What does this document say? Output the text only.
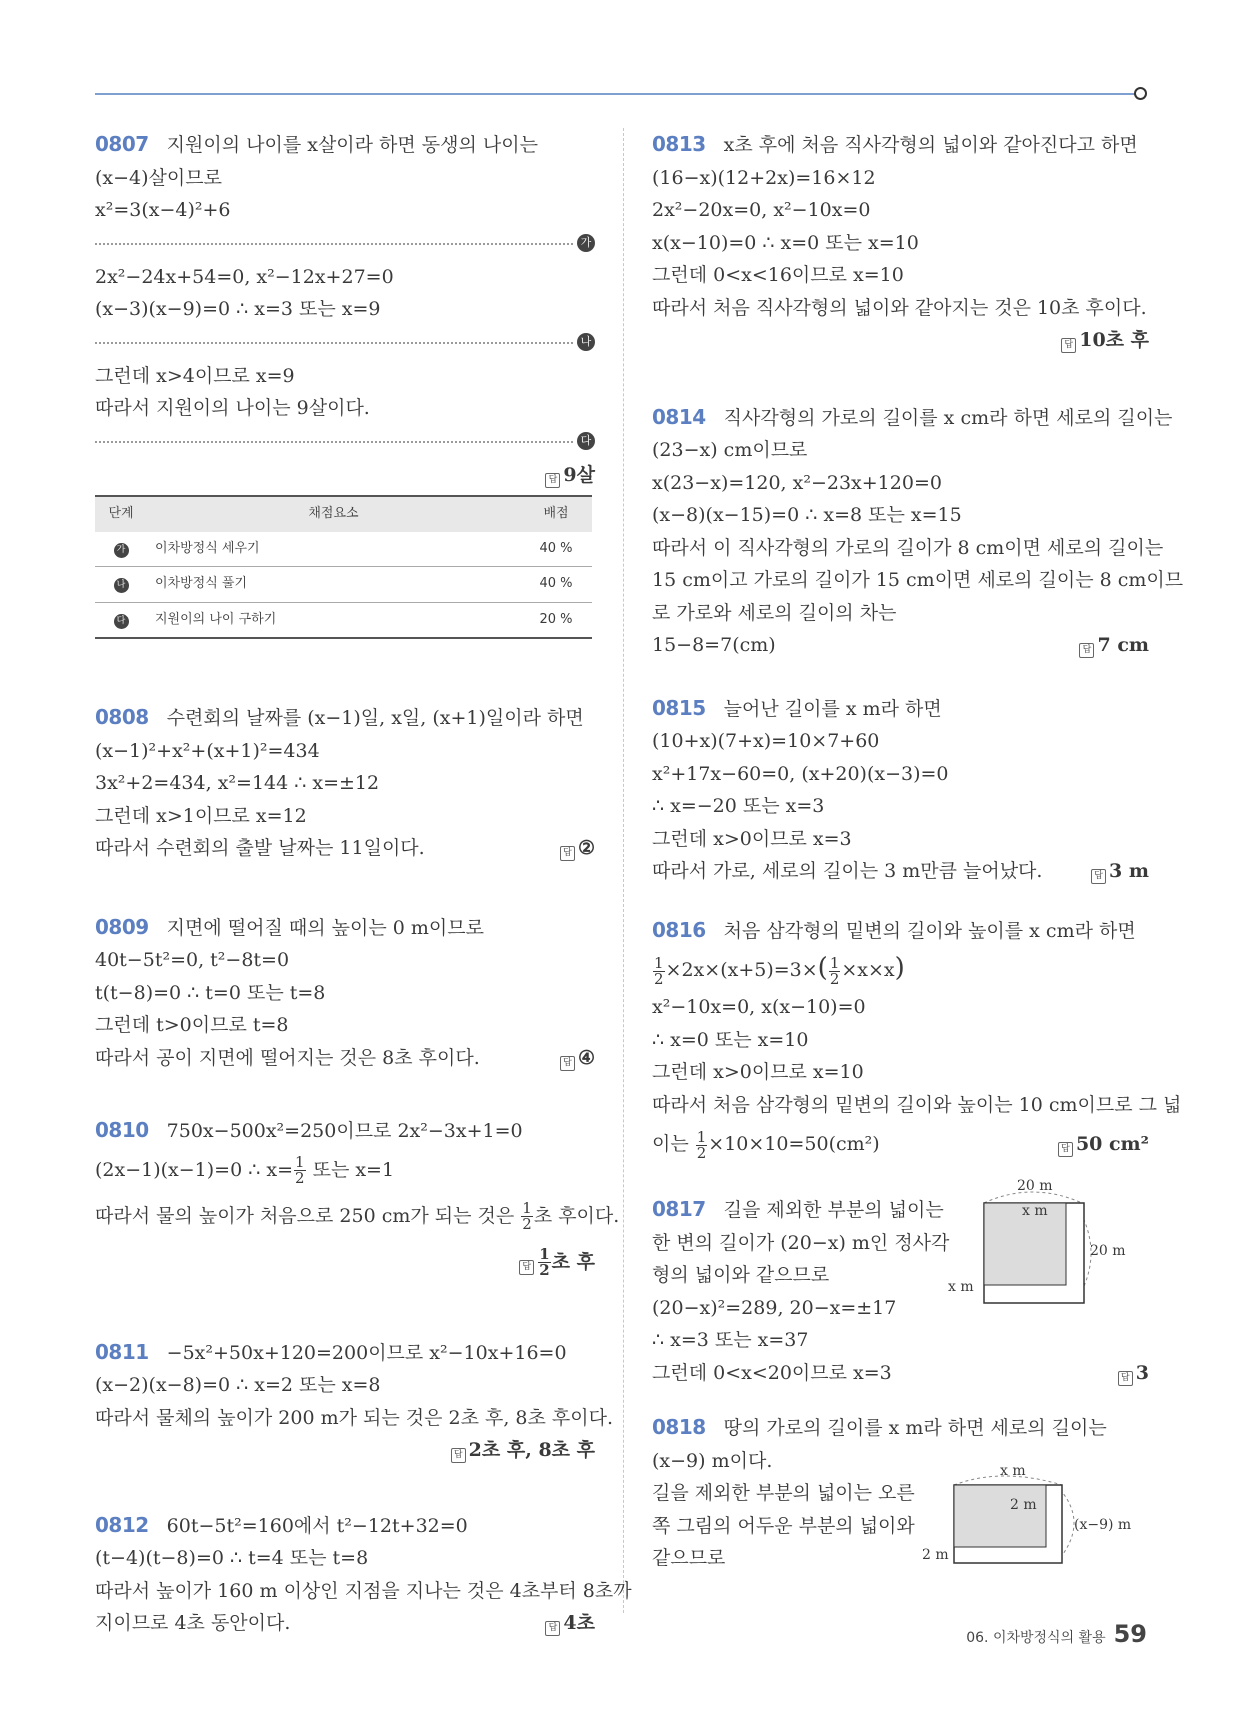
0807 지원이의 나이를 x살이라 하면 동생의 나이는
(x−4)살이므로
x²=3(x−4)²+6
가
2x²−24x+54=0, x²−12x+27=0
(x−3)(x−9)=0 ∴ x=3 또는 x=9
나
그런데 x>4이므로 x=9
따라서 지원이의 나이는 9살이다.
다
답 9살
단계	채점요소	배점
가	이차방정식 세우기	40 %
나	이차방정식 풀기	40 %
다	지원이의 나이 구하기	20 %
0808 수련회의 날짜를 (x−1)일, x일, (x+1)일이라 하면
(x−1)²+x²+(x+1)²=434
3x²+2=434, x²=144 ∴ x=±12
그런데 x>1이므로 x=12
따라서 수련회의 출발 날짜는 11일이다.	답 ②
0809 지면에 떨어질 때의 높이는 0 m이므로
40t−5t²=0, t²−8t=0
t(t−8)=0 ∴ t=0 또는 t=8
그런데 t>0이므로 t=8
따라서 공이 지면에 떨어지는 것은 8초 후이다.	답 ④
0810 750x−500x²=250이므로 2x²−3x+1=0
(2x−1)(x−1)=0 ∴ $x= \frac{1}{2}$ 또는 x=1
따라서 물의 높이가 처음으로 250 cm가 되는 것은 $\frac{1}{2}$ 초 후이다.
답 $\frac{1}{2}$ 초 후
0811 −5x²+50x+120=200이므로 x²−10x+16=0
(x−2)(x−8)=0 ∴ x=2 또는 x=8
따라서 물체의 높이가 200 m가 되는 것은 2초 후, 8초 후이다.
답 2초 후, 8초 후
0812 60t−5t²=160에서 t²−12t+32=0
(t−4)(t−8)=0 ∴ t=4 또는 t=8
따라서 높이가 160 m 이상인 지점을 지나는 것은 4초부터 8초까
지이므로 4초 동안이다.	답 4초
0813 x초 후에 처음 직사각형의 넓이와 같아진다고 하면
(16−x)(12+2x)=16×12
2x²−20x=0, x²−10x=0
x(x−10)=0 ∴ x=0 또는 x=10
그런데 0<x<16이므로 x=10
따라서 처음 직사각형의 넓이와 같아지는 것은 10초 후이다.
답 10초 후
0814 직사각형의 가로의 길이를 x cm라 하면 세로의 길이는
(23−x) cm이므로
x(23−x)=120, x²−23x+120=0
(x−8)(x−15)=0 ∴ x=8 또는 x=15
따라서 이 직사각형의 가로의 길이가 8 cm이면 세로의 길이는
15 cm이고 가로의 길이가 15 cm이면 세로의 길이는 8 cm이므
로 가로와 세로의 길이의 차는
15−8=7(cm)	답 7 cm
0815 늘어난 길이를 x m라 하면
(10+x)(7+x)=10×7+60
x²+17x−60=0, (x+20)(x−3)=0
∴ x=−20 또는 x=3
그런데 x>0이므로 x=3
따라서 가로, 세로의 길이는 3 m만큼 늘어났다.	답 3 m
0816 처음 삼각형의 밑변의 길이와 높이를 x cm라 하면
$\frac{1}{2} \times 2x\times(x+5)=3\times( \frac{1}{2} \times x\times x)$
x²−10x=0, x(x−10)=0
∴ x=0 또는 x=10
그런데 x>0이므로 x=10
따라서 처음 삼각형의 밑변의 길이와 높이는 10 cm이므로 그 넓
이는 $\frac{1}{2} \times 10\times 10=50(cm^2)$	답 50 cm²
0817 길을 제외한 부분의 넓이는
한 변의 길이가 (20−x) m인 정사각
형의 넓이와 같으므로
(20−x)²=289, 20−x=±17
∴ x=3 또는 x=37
그런데 0<x<20이므로 x=3	답 3
20 m
x m
20 m
x m
0818 땅의 가로의 길이를 x m라 하면 세로의 길이는
(x−9) m이다.
길을 제외한 부분의 넓이는 오른
쪽 그림의 어두운 부분의 넓이와
같으므로
x m
2 m
(x−9) m
2 m
06. 이차방정식의 활용 59
